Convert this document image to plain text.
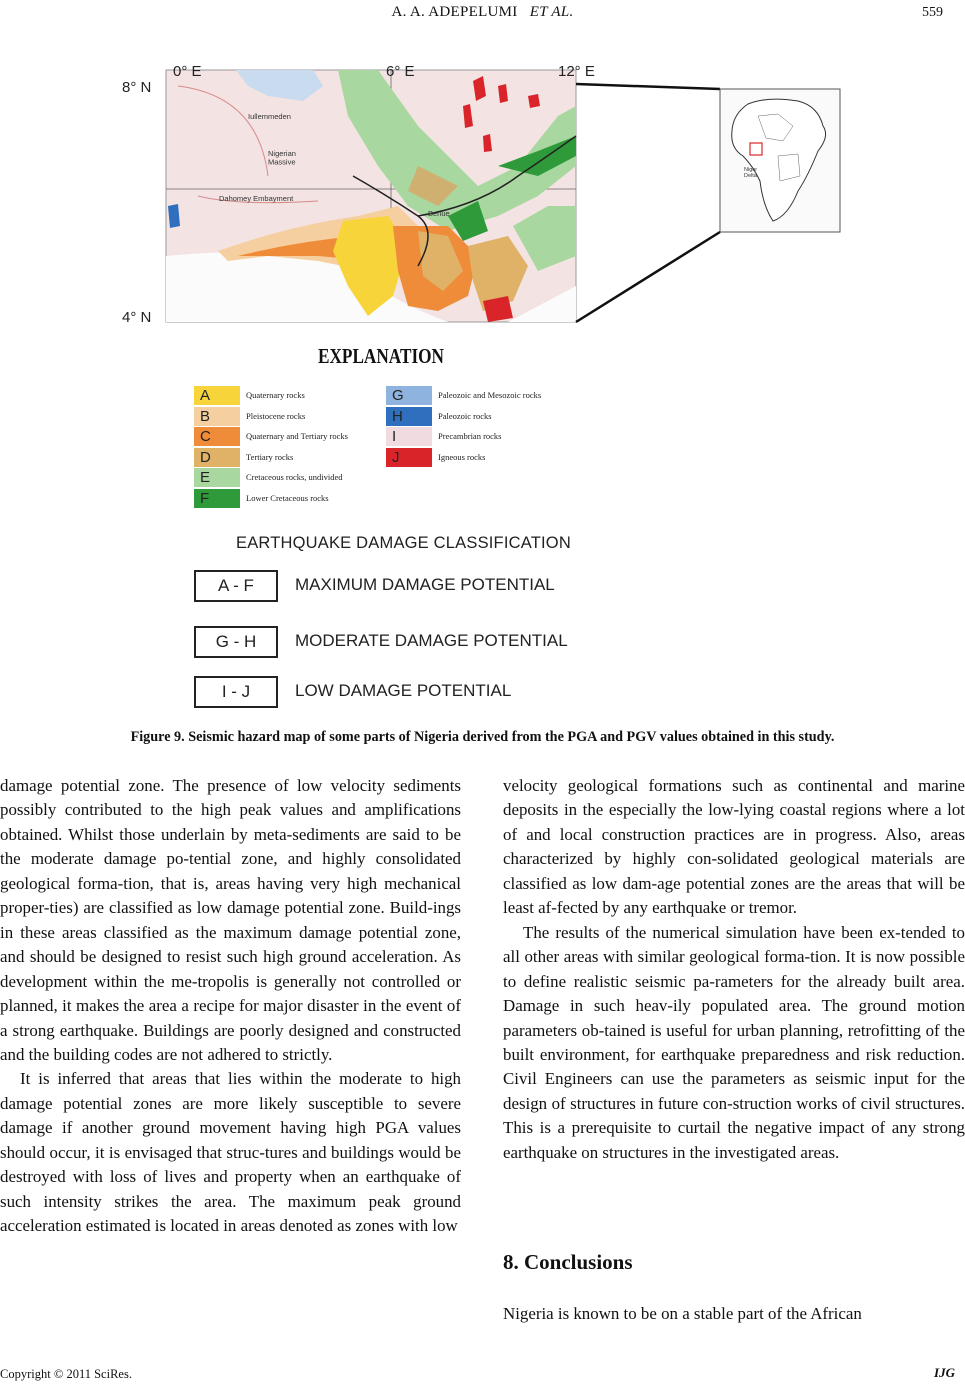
A. A. ADEPELUMI ET AL.	559
8° N
4° N
0° E	6° E	12° E
Iullemmeden
Nigerian Massive
Dahomey Embayment
Benue
Niger Delta
EXPLANATION
EARTHQUAKE DAMAGE CLASSIFICATION
A	Quaternary rocks
B	Pleistocene rocks
C	Quaternary and Tertiary rocks
D	Tertiary rocks
E	Cretaceous rocks, undivided
F	Lower Cretaceous rocks
G	Paleozoic and Mesozoic rocks
H	Paleozoic rocks
I	Precambrian rocks
J	Igneous rocks
A - F	MAXIMUM DAMAGE POTENTIAL
G - H	MODERATE DAMAGE POTENTIAL
I - J	LOW DAMAGE POTENTIAL
Figure 9. Seismic hazard map of some parts of Nigeria derived from the PGA and PGV values obtained in this study.

damage potential zone. The presence of low velocity sediments possibly contributed to the high peak values and amplifications obtained. Whilst those underlain by meta-sediments are said to be the moderate damage po-tential zone, and highly consolidated geological forma-tion, that is, areas having very high mechanical proper-ties) are classified as low damage potential zone. Build-ings in these areas classified as the maximum damage potential zone, and should be designed to resist such high ground acceleration. As development within the me-tropolis is generally not controlled or planned, it makes the area a recipe for major disaster in the event of a strong earthquake. Buildings are poorly designed and constructed and the building codes are not adhered to strictly.

It is inferred that areas that lies within the moderate to high damage potential zones are more likely susceptible to severe damage if another ground movement having high PGA values should occur, it is envisaged that struc-tures and buildings would be destroyed with loss of lives and property when an earthquake of such intensity strikes the area. The maximum peak ground acceleration estimated is located in areas denoted as zones with low

velocity geological formations such as continental and marine deposits in the especially the low-lying coastal regions where a lot of and local construction practices are in progress. Also, areas characterized by highly con-solidated geological materials are classified as low dam-age potential zones are the areas that will be least af-fected by any earthquake or tremor.

The results of the numerical simulation have been ex-tended to all other areas with similar geological forma-tion. It is now possible to define realistic seismic pa-rameters for the already built area. Damage in such heav-ily populated area. The ground motion parameters ob-tained is useful for urban planning, retrofitting of the built environment, for earthquake preparedness and risk reduction. Civil Engineers can use the parameters as seismic input for the design of structures in future con-struction works of civil structures. This is a prerequisite to curtail the negative impact of any strong earthquake on structures in the investigated areas.

8. Conclusions

Nigeria is known to be on a stable part of the African

Copyright © 2011 SciRes.	IJG
